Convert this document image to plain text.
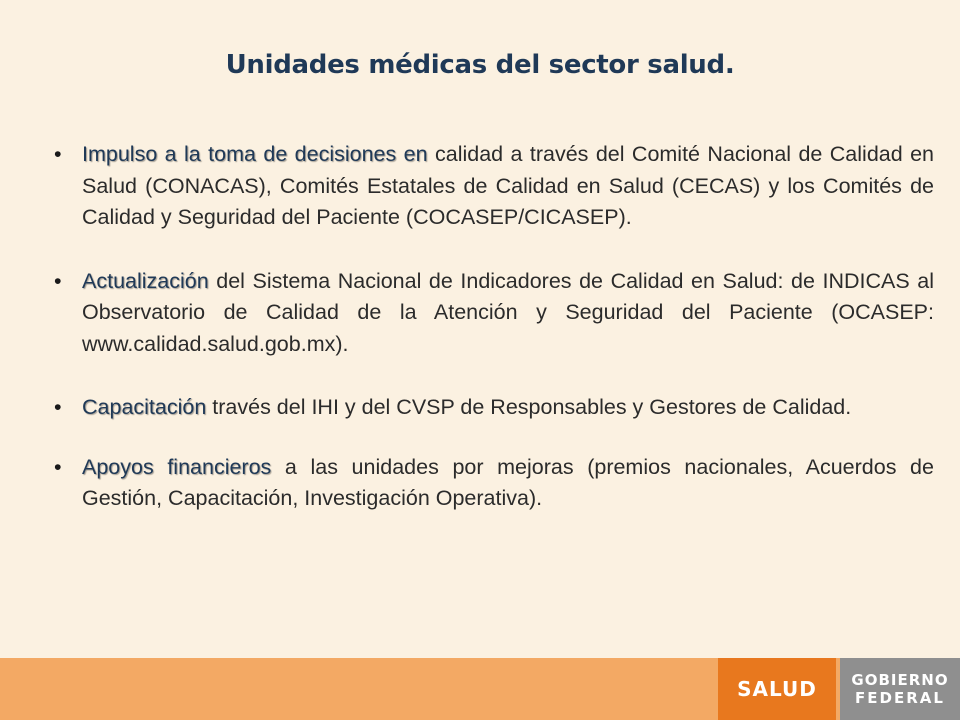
Unidades médicas del sector salud.
• Impulso a la toma de decisiones en calidad a través del Comité Nacional de Calidad en Salud (CONACAS), Comités Estatales de Calidad en Salud (CECAS) y los Comités de Calidad y Seguridad del Paciente (COCASEP/CICASEP).
• Actualización del Sistema Nacional de Indicadores de Calidad en Salud: de INDICAS al Observatorio de Calidad de la Atención y Seguridad del Paciente (OCASEP: www.calidad.salud.gob.mx).
• Capacitación través del IHI y del CVSP de Responsables y Gestores de Calidad.
• Apoyos financieros a las unidades por mejoras (premios nacionales, Acuerdos de Gestión, Capacitación, Investigación Operativa).
SALUD GOBIERNO
FEDERAL
